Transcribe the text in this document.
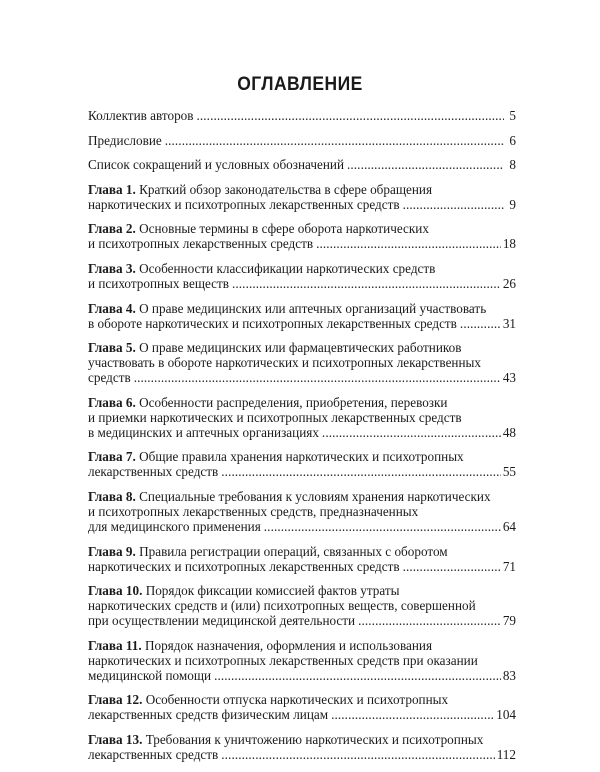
ОГЛАВЛЕНИЕ
Коллектив авторов . . .	5
Предисловие . . .	6
Список сокращений и условных обозначений . . .	8
Глава 1. Краткий обзор законодательства в сфере обращения
наркотических и психотропных лекарственных средств . . .	9
Глава 2. Основные термины в сфере оборота наркотических
и психотропных лекарственных средств . . .	18
Глава 3. Особенности классификации наркотических средств
и психотропных веществ . . .	26
Глава 4. О праве медицинских или аптечных организаций участвовать
в обороте наркотических и психотропных лекарственных средств . . .	31
Глава 5. О праве медицинских или фармацевтических работников
участвовать в обороте наркотических и психотропных лекарственных
средств . . .	43
Глава 6. Особенности распределения, приобретения, перевозки
и приемки наркотических и психотропных лекарственных средств
в медицинских и аптечных организациях . . .	48
Глава 7. Общие правила хранения наркотических и психотропных
лекарственных средств . . .	55
Глава 8. Специальные требования к условиям хранения наркотических
и психотропных лекарственных средств, предназначенных
для медицинского применения . . .	64
Глава 9. Правила регистрации операций, связанных с оборотом
наркотических и психотропных лекарственных средств . . .	71
Глава 10. Порядок фиксации комиссией фактов утраты
наркотических средств и (или) психотропных веществ, совершенной
при осуществлении медицинской деятельности . . .	79
Глава 11. Порядок назначения, оформления и использования
наркотических и психотропных лекарственных средств при оказании
медицинской помощи . . .	83
Глава 12. Особенности отпуска наркотических и психотропных
лекарственных средств физическим лицам . . .	104
Глава 13. Требования к уничтожению наркотических и психотропных
лекарственных средств . . .	112
